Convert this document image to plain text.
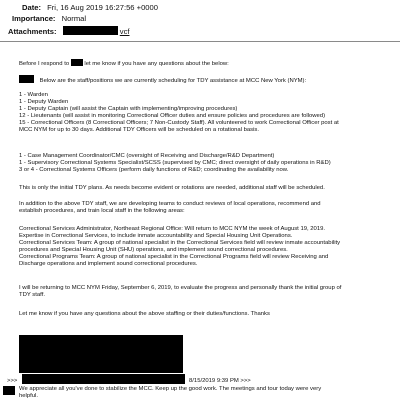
Date: Fri, 16 Aug 2019 16:27:56 +0000
Importance: Normal
Attachments:	vcf
Before I respond to	let me know if you have any questions about the below:
Below are the staff/positions we are currently scheduling for TDY assistance at MCC New York (NYM):
1 - Warden
1 - Deputy Warden
1 - Deputy Captain (will assist the Captain with implementing/improving procedures)
12 - Lieutenants (will assist in monitoring Correctional Officer duties and ensure policies and procedures are followed)
15 - Correctional Officers (8 Correctional Officers; 7 Non-Custody Staff). All volunteered to work Correctional Officer post at
MCC NYM for up to 30 days. Additional TDY Officers will be scheduled on a rotational basis.
1 - Case Management Coordinator/CMC (oversight of Receiving and Discharge/R&D Department)
1 - Supervisory Correctional Systems Specialist/SCSS (supervised by CMC; direct oversight of daily operations in R&D)
3 or 4 - Correctional Systems Officers (perform daily functions of R&D; coordinating the availability now.
This is only the initial TDY plans. As needs become evident or rotations are needed, additional staff will be scheduled.
In addition to the above TDY staff, we are developing teams to conduct reviews of local operations, recommend and
establish procedures, and train local staff in the following areas:
Correctional Services Administrator, Northeast Regional Office: Will return to MCC NYM the week of August 19, 2019.
Expertise in Correctional Services, to include inmate accountability and Special Housing Unit Operations.
Correctional Services Team: A group of national specialist in the Correctional Services field will review inmate accountability
procedures and Special Housing Unit (SHU) operations, and implement sound correctional procedures.
Correctional Programs Team: A group of national specialist in the Correctional Programs field will review Receiving and
Discharge operations and implement sound correctional procedures.
I will be returning to MCC NYM Friday, September 6, 2019, to evaluate the progress and personally thank the initial group of
TDY staff.
Let me know if you have any questions about the above staffing or their duties/functions. Thanks
>>>	8/15/2019 9:39 PM >>>
We appreciate all you've done to stabilize the MCC. Keep up the good work. The meetings and tour today were very
helpful.
